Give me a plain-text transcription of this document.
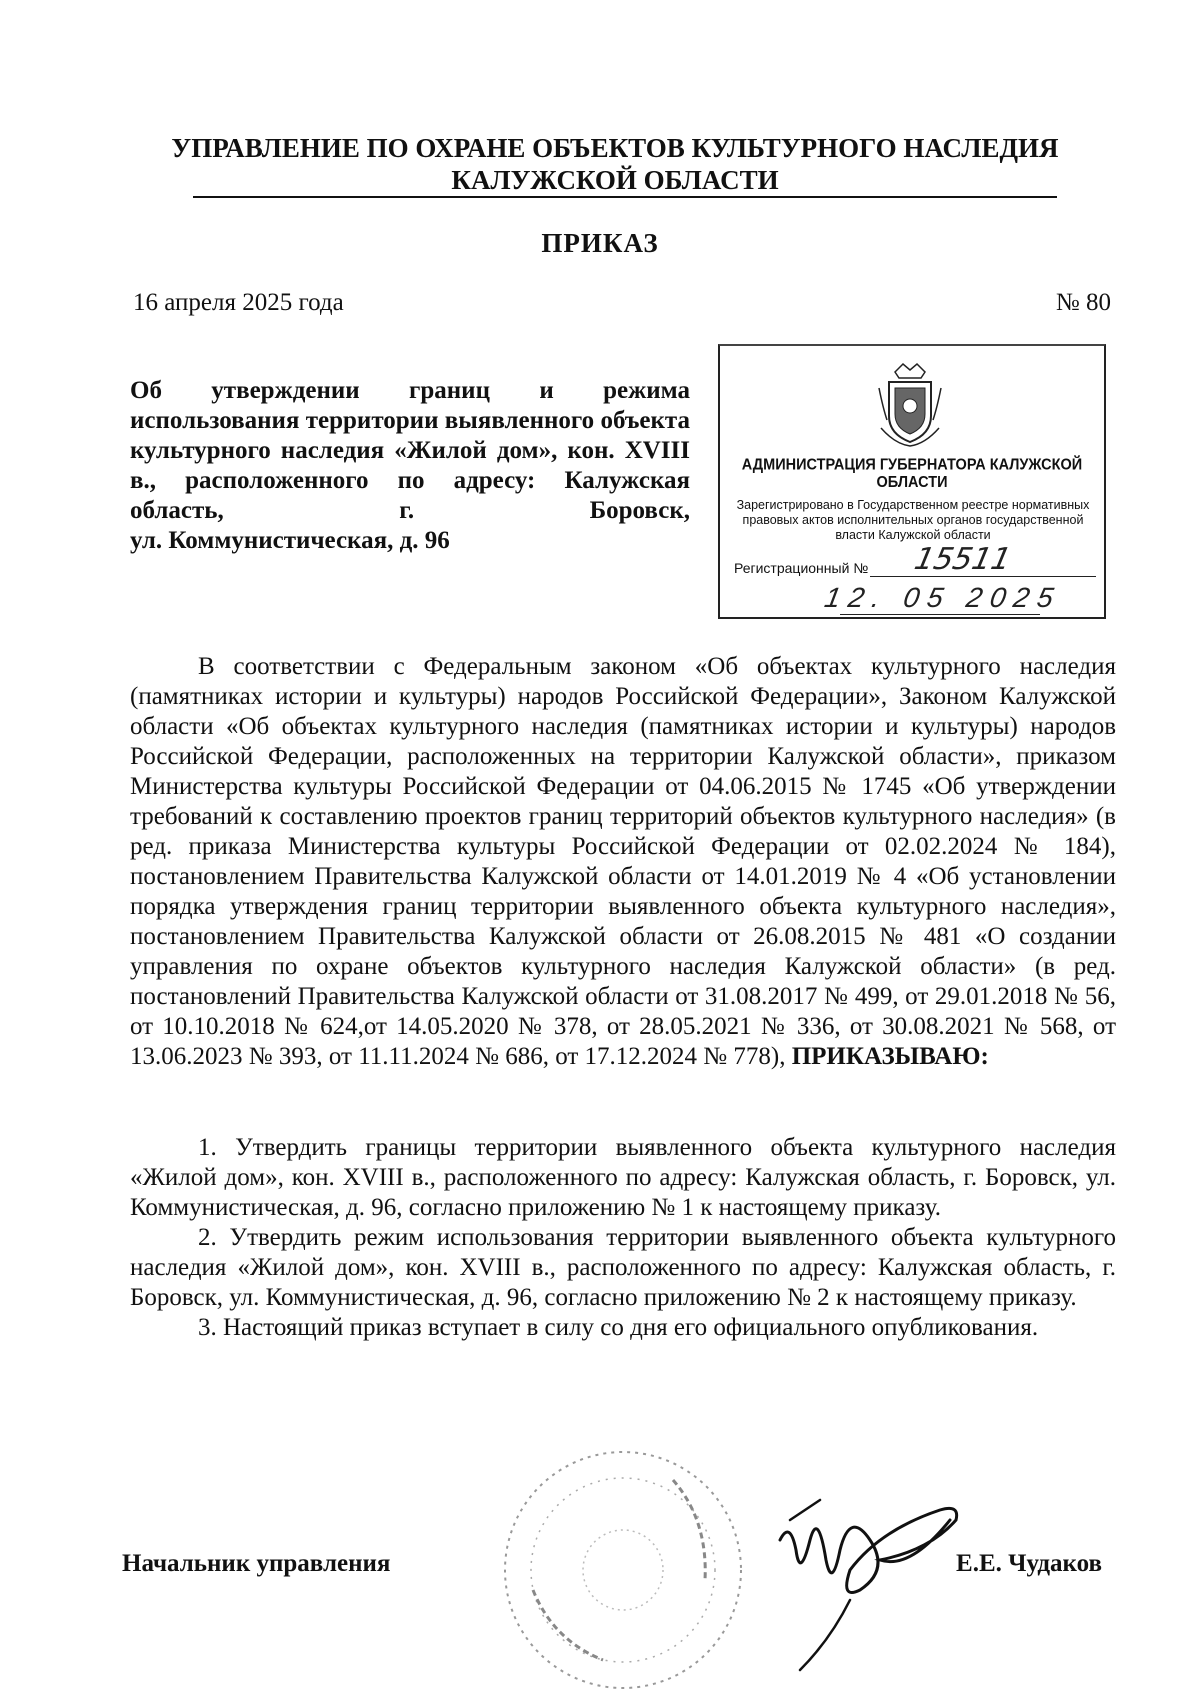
УПРАВЛЕНИЕ ПО ОХРАНЕ ОБЪЕКТОВ КУЛЬТУРНОГО НАСЛЕДИЯ
КАЛУЖСКОЙ ОБЛАСТИ
ПРИКАЗ
16 апреля 2025 года	№ 80
Об утверждении границ и режима использования территории выявленного объекта культурного наследия «Жилой дом», кон. XVIII в., расположенного по адресу: Калужская область, г. Боровск,
ул. Коммунистическая, д. 96
АДМИНИСТРАЦИЯ ГУБЕРНАТОРА КАЛУЖСКОЙ ОБЛАСТИ
Зарегистрировано в Государственном реестре нормативных правовых актов исполнительных органов государственной власти Калужской области
Регистрационный №	15511
12. 05 2025

В соответствии с Федеральным законом «Об объектах культурного наследия (памятниках истории и культуры) народов Российской Федерации», Законом Калужской области «Об объектах культурного наследия (памятниках истории и культуры) народов Российской Федерации, расположенных на территории Калужской области», приказом Министерства культуры Российской Федерации от 04.06.2015 № 1745 «Об утверждении требований к составлению проектов границ территорий объектов культурного наследия» (в ред. приказа Министерства культуры Российской Федерации от 02.02.2024 № 184), постановлением Правительства Калужской области от 14.01.2019 № 4 «Об установлении порядка утверждения границ территории выявленного объекта культурного наследия», постановлением Правительства Калужской области от 26.08.2015 № 481 «О создании управления по охране объектов культурного наследия Калужской области» (в ред. постановлений Правительства Калужской области от 31.08.2017 № 499, от 29.01.2018 № 56, от 10.10.2018 № 624,от 14.05.2020 № 378, от 28.05.2021 № 336, от 30.08.2021 № 568, от 13.06.2023 № 393, от 11.11.2024 № 686, от 17.12.2024 № 778), ПРИКАЗЫВАЮ:

1. Утвердить границы территории выявленного объекта культурного наследия «Жилой дом», кон. XVIII в., расположенного по адресу: Калужская область, г. Боровск, ул. Коммунистическая, д. 96, согласно приложению № 1 к настоящему приказу.

2. Утвердить режим использования территории выявленного объекта культурного наследия «Жилой дом», кон. XVIII в., расположенного по адресу: Калужская область, г. Боровск, ул. Коммунистическая, д. 96, согласно приложению № 2 к настоящему приказу.

3. Настоящий приказ вступает в силу со дня его официального опубликования.

Начальник управления	Е.Е. Чудаков
